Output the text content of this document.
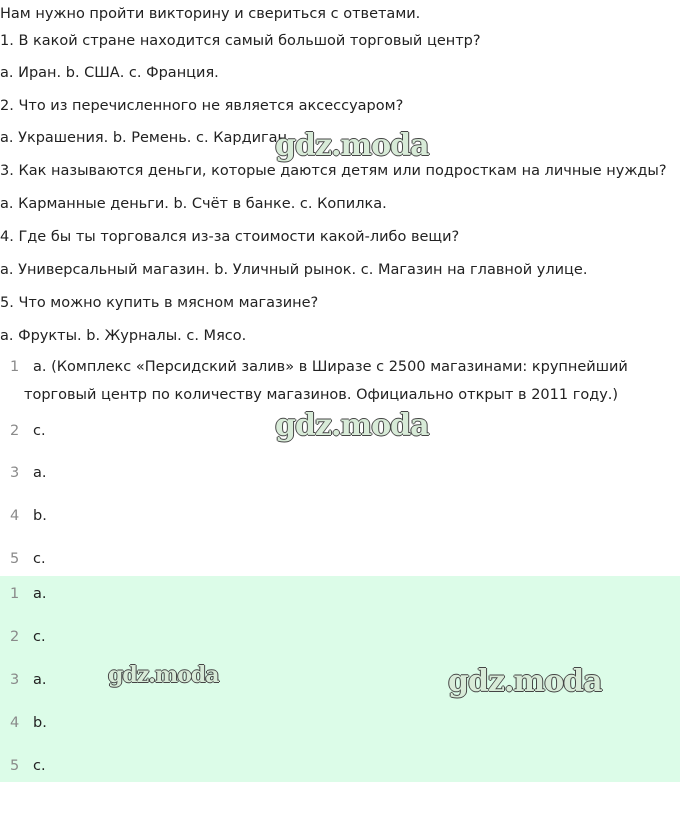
Нам нужно пройти викторину и свериться с ответами.
1. В какой стране находится самый большой торговый центр?
a. Иран. b. США. c. Франция.
2. Что из перечисленного не является аксессуаром?
a. Украшения. b. Ремень. c. Кардиган.
3. Как называются деньги, которые даются детям или подросткам на личные нужды?
a. Карманные деньги. b. Счёт в банке. c. Копилка.
4. Где бы ты торговался из-за стоимости какой-либо вещи?
a. Универсальный магазин. b. Уличный рынок. c. Магазин на главной улице.
5. Что можно купить в мясном магазине?
a. Фрукты. b. Журналы. c. Мясо.
1 a. (Комплекс «Персидский залив» в Ширазе с 2500 магазинами: крупнейший
торговый центр по количеству магазинов. Официально открыт в 2011 году.)
2 c.
3 a.
4 b.
5 c.
1 a.
2 c.
3 a.
4 b.
5 c.
gdz.moda
gdz.moda
gdz.moda	gdz.moda
